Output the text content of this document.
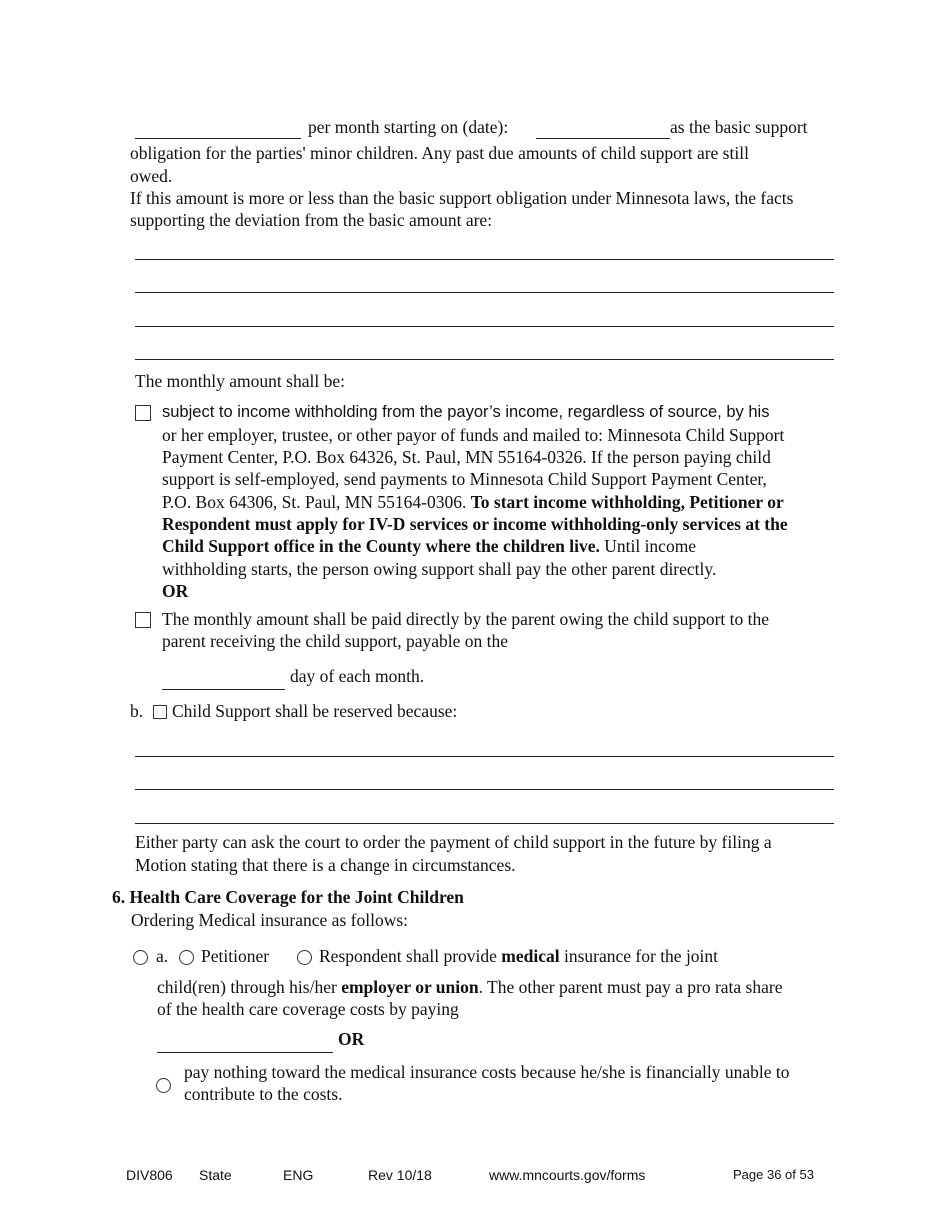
per month starting on (date):	as the basic support
obligation for the parties' minor children. Any past due amounts of child support are still
owed.
If this amount is more or less than the basic support obligation under Minnesota laws, the facts
supporting the deviation from the basic amount are:
The monthly amount shall be:
subject to income withholding from the payor’s income, regardless of source, by his
or her employer, trustee, or other payor of funds and mailed to: Minnesota Child Support
Payment Center, P.O. Box 64326, St. Paul, MN 55164-0326. If the person paying child
support is self-employed, send payments to Minnesota Child Support Payment Center,
P.O. Box 64306, St. Paul, MN 55164-0306. To start income withholding, Petitioner or
Respondent must apply for IV-D services or income withholding-only services at the
Child Support office in the County where the children live. Until income
withholding starts, the person owing support shall pay the other parent directly.
OR
The monthly amount shall be paid directly by the parent owing the child support to the
parent receiving the child support, payable on the
day of each month.
b. Child Support shall be reserved because:
Either party can ask the court to order the payment of child support in the future by filing a
Motion stating that there is a change in circumstances.
6. Health Care Coverage for the Joint Children
Ordering Medical insurance as follows:
a. Petitioner	Respondent shall provide medical insurance for the joint
child(ren) through his/her employer or union. The other parent must pay a pro rata share
of the health care coverage costs by paying
OR
pay nothing toward the medical insurance costs because he/she is financially unable to
contribute to the costs.
DIV806 State	ENG	Rev 10/18	www.mncourts.gov/forms	Page 36 of 53
